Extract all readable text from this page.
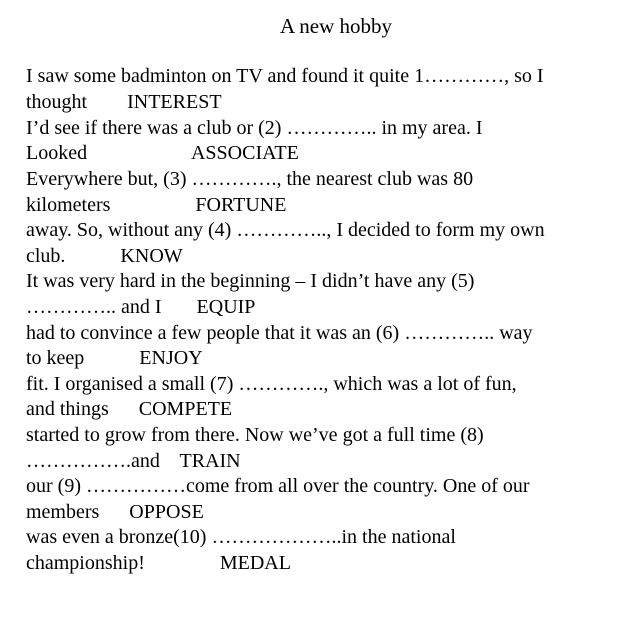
A new hobby
I saw some badminton on TV and found it quite 1…………, so I
thought        INTEREST
I’d see if there was a club or (2) ………….. in my area. I
Looked                     ASSOCIATE
Everywhere but, (3) …………., the nearest club was 80
kilometers                 FORTUNE
away. So, without any (4) ………….., I decided to form my own
club.           KNOW
It was very hard in the beginning – I didn’t have any (5)
………….. and I       EQUIP
had to convince a few people that it was an (6) ………….. way
to keep           ENJOY
fit. I organised a small (7) …………., which was a lot of fun,
and things      COMPETE
started to grow from there. Now we’ve got a full time (8)
…………….and    TRAIN
our (9) ……………come from all over the country. One of our
members      OPPOSE
was even a bronze(10) ………………..in the national
championship!               MEDAL
